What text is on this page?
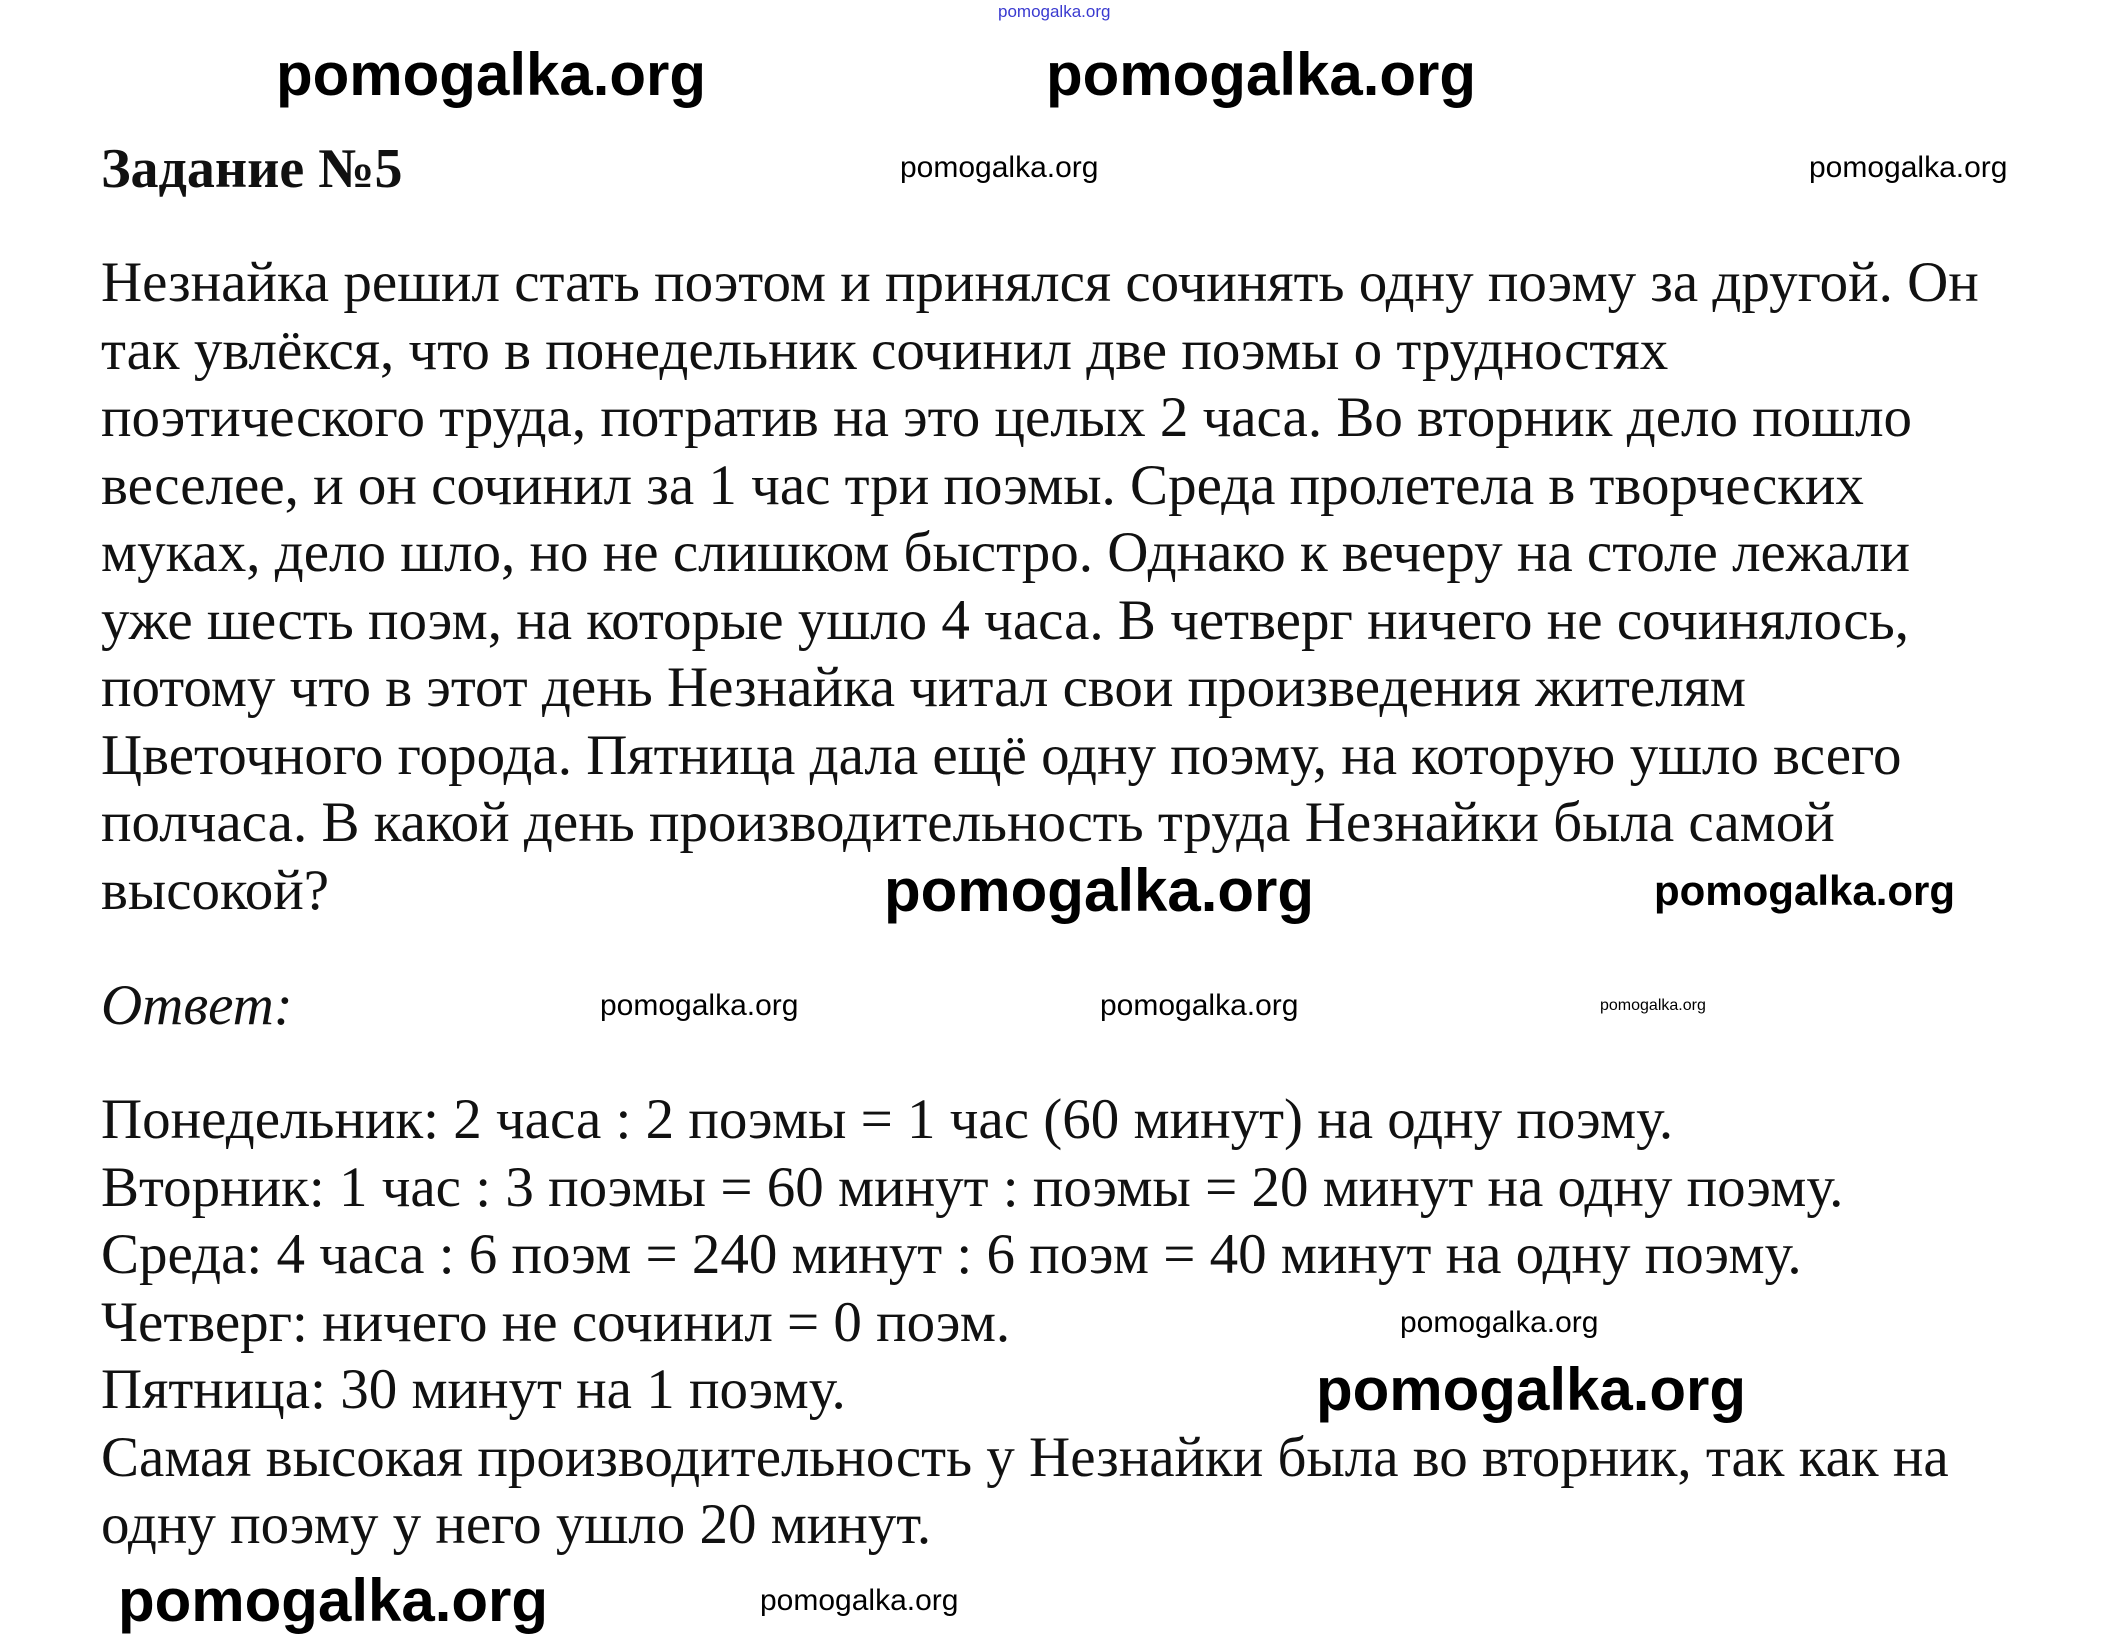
pomogalka.org
Задание №5
Незнайка решил стать поэтом и принялся сочинять одну поэму за другой. Он
так увлёкся, что в понедельник сочинил две поэмы о трудностях
поэтического труда, потратив на это целых 2 часа. Во вторник дело пошло
веселее, и он сочинил за 1 час три поэмы. Среда пролетела в творческих
муках, дело шло, но не слишком быстро. Однако к вечеру на столе лежали
уже шесть поэм, на которые ушло 4 часа. В четверг ничего не сочинялось,
потому что в этот день Незнайка читал свои произведения жителям
Цветочного города. Пятница дала ещё одну поэму, на которую ушло всего
полчаса. В какой день производительность труда Незнайки была самой
высокой?
Ответ:
Понедельник: 2 часа : 2 поэмы = 1 час (60 минут) на одну поэму.
Вторник: 1 час : 3 поэмы = 60 минут : поэмы = 20 минут на одну поэму.
Среда: 4 часа : 6 поэм = 240 минут : 6 поэм = 40 минут на одну поэму.
Четверг: ничего не сочинил = 0 поэм.
Пятница: 30 минут на 1 поэму.
Самая высокая производительность у Незнайки была во вторник, так как на
одну поэму у него ушло 20 минут.
pomogalka.org
pomogalka.org	pomogalka.org
pomogalka.org
pomogalka.org	pomogalka.org
pomogalka.org
pomogalka.org
pomogalka.org
pomogalka.org
pomogalka.org
pomogalka.org
pomogalka.org
